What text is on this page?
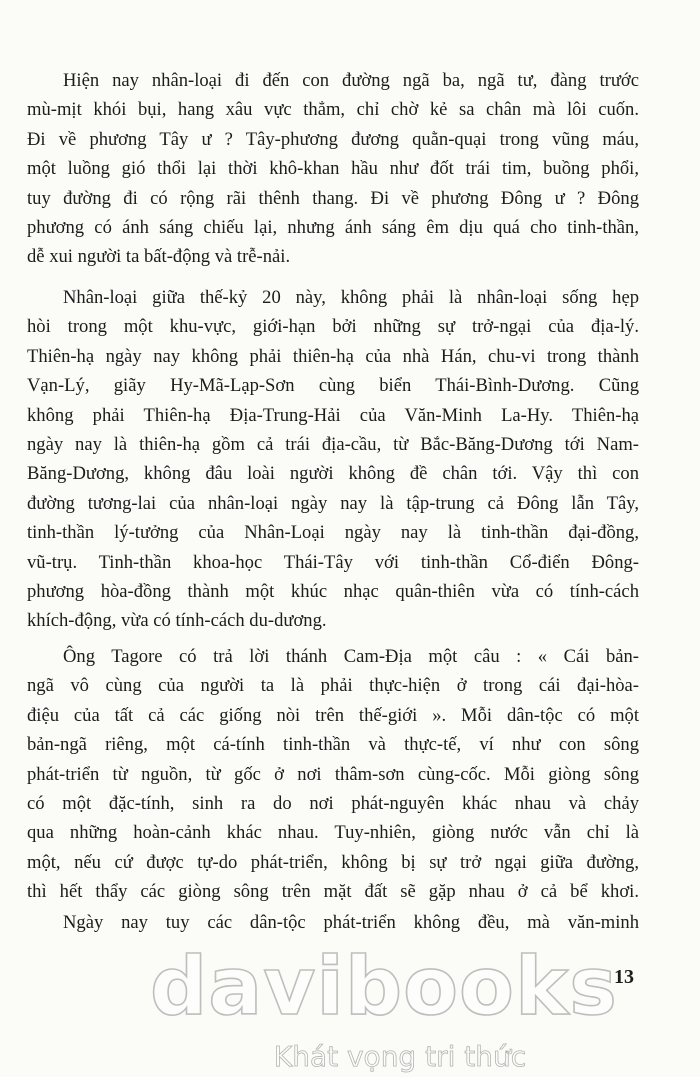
Hiện nay nhân-loại đi đến con đường ngã ba, ngã tư, đàng trước
mù-mịt khói bụi, hang xâu vực thẳm, chỉ chờ kẻ sa chân mà lôi cuốn.
Đi về phương Tây ư ? Tây-phương đương quằn-quại trong vũng máu,
một luồng gió thổi lại thời khô-khan hầu như đốt trái tim, buồng phổi,
tuy đường đi có rộng rãi thênh thang. Đi về phương Đông ư ? Đông
phương có ánh sáng chiếu lại, nhưng ánh sáng êm dịu quá cho tinh-thần,
dễ xui người ta bất-động và trễ-nải.
Nhân-loại giữa thế-kỷ 20 này, không phải là nhân-loại sống hẹp
hòi trong một khu-vực, giới-hạn bởi những sự trở-ngại của địa-lý.
Thiên-hạ ngày nay không phải thiên-hạ của nhà Hán, chu-vi trong thành
Vạn-Lý, giãy Hy-Mã-Lạp-Sơn cùng biển Thái-Bình-Dương. Cũng
không phải Thiên-hạ Địa-Trung-Hải của Văn-Minh La-Hy. Thiên-hạ
ngày nay là thiên-hạ gồm cả trái địa-cầu, từ Bắc-Băng-Dương tới Nam-
Băng-Dương, không đâu loài người không đề chân tới. Vậy thì con
đường tương-lai của nhân-loại ngày nay là tập-trung cả Đông lẫn Tây,
tinh-thần lý-tưởng của Nhân-Loại ngày nay là tinh-thần đại-đồng,
vũ-trụ. Tinh-thần khoa-học Thái-Tây với tinh-thần Cổ-điển Đông-
phương hòa-đồng thành một khúc nhạc quân-thiên vừa có tính-cách
khích-động, vừa có tính-cách du-dương.
Ông Tagore có trả lời thánh Cam-Địa một câu : « Cái bản-
ngã vô cùng của người ta là phải thực-hiện ở trong cái đại-hòa-
điệu của tất cả các giống nòi trên thế-giới ». Mỗi dân-tộc có một
bản-ngã riêng, một cá-tính tinh-thần và thực-tế, ví như con sông
phát-triển từ nguồn, từ gốc ở nơi thâm-sơn cùng-cốc. Mỗi giòng sông
có một đặc-tính, sinh ra do nơi phát-nguyên khác nhau và chảy
qua những hoàn-cảnh khác nhau. Tuy-nhiên, giòng nước vẫn chỉ là
một, nếu cứ được tự-do phát-triển, không bị sự trở ngại giữa đường,
thì hết thẩy các giòng sông trên mặt đất sẽ gặp nhau ở cả bể khơi.
Ngày nay tuy các dân-tộc phát-triển không đều, mà văn-minh
13
davibooks
Khát vọng tri thức
